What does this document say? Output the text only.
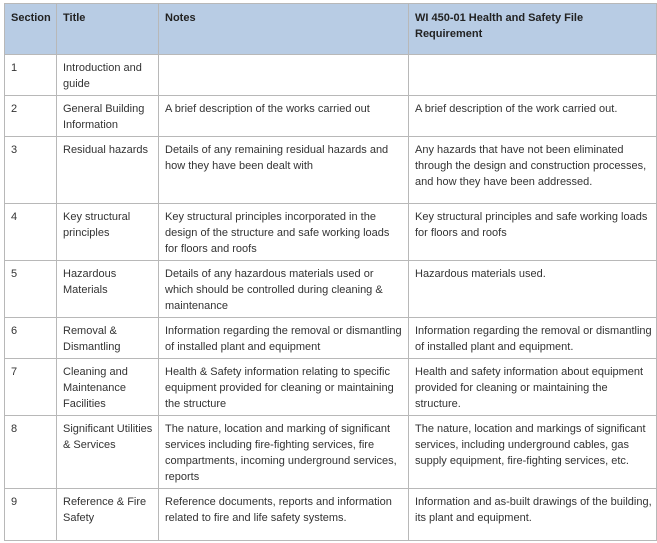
Section	Title	Notes	WI 450-01 Health and Safety File Requirement
1	Introduction and guide		
2	General Building Information	A brief description of the works carried out	A brief description of the work carried out.
3	Residual hazards	Details of any remaining residual hazards and how they have been dealt with	Any hazards that have not been eliminated through the design and construction processes, and how they have been addressed.
4	Key structural principles	Key structural principles incorporated in the design of the structure and safe working loads for floors and roofs	Key structural principles and safe working loads for floors and roofs
5	Hazardous Materials	Details of any hazardous materials used or which should be controlled during cleaning & maintenance	Hazardous materials used.
6	Removal & Dismantling	Information regarding the removal or dismantling of installed plant and equipment	Information regarding the removal or dismantling of installed plant and equipment.
7	Cleaning and Maintenance Facilities	Health & Safety information relating to specific equipment provided for cleaning or maintaining the structure	Health and safety information about equipment provided for cleaning or maintaining the structure.
8	Significant Utilities & Services	The nature, location and marking of significant services including fire-fighting services, fire compartments, incoming underground services, reports	The nature, location and markings of significant services, including underground cables, gas supply equipment, fire-fighting services, etc.
9	Reference & Fire Safety	Reference documents, reports and information related to fire and life safety systems.	Information and as-built drawings of the building, its plant and equipment.
